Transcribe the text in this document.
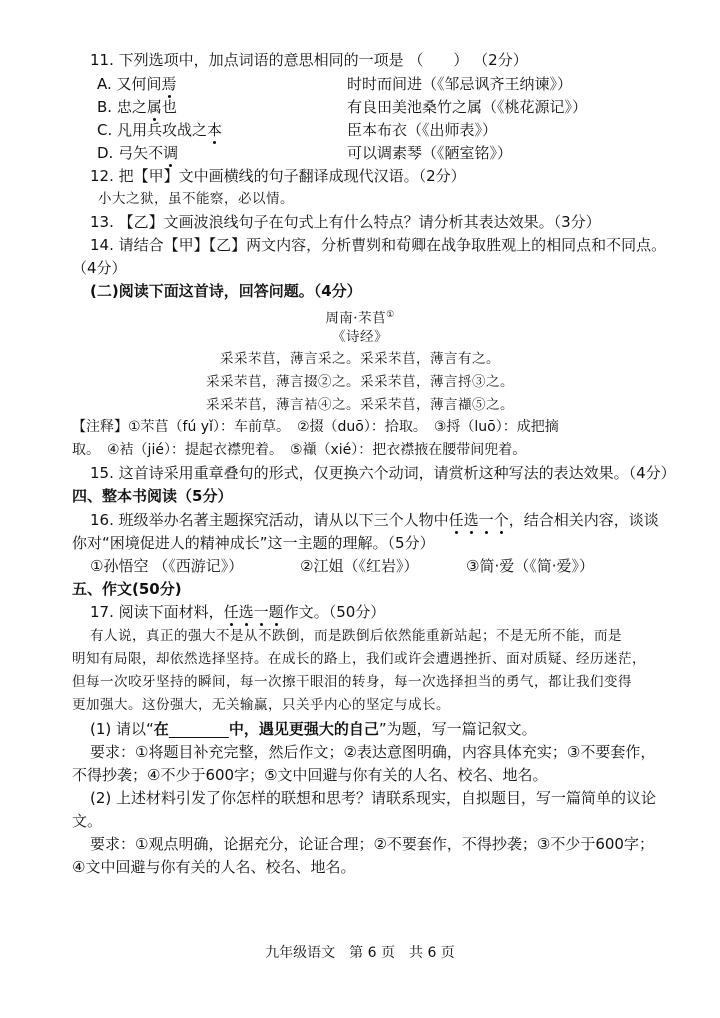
11. 下列选项中，加点词语的意思相同的一项是 （　　） （2分）
A. 又何间焉	时时而间进（《邹忌讽齐王纳谏》）
B. 忠之属也	有良田美池桑竹之属（《桃花源记》）
C. 凡用兵攻战之本	臣本布衣（《出师表》）
D. 弓矢不调	可以调素琴（《陋室铭》）
12. 把【甲】文中画横线的句子翻译成现代汉语。（2分）
小大之狱，虽不能察，必以情。
13. 【乙】文画波浪线句子在句式上有什么特点？请分析其表达效果。（3分）
14. 请结合【甲】【乙】两文内容，分析曹刿和荀卿在战争取胜观上的相同点和不同点。
（4分）
(二)阅读下面这首诗，回答问题。（4分）
周南·芣苢①
《诗经》
采采芣苢，薄言采之。采采芣苢，薄言有之。
采采芣苢，薄言掇②之。采采芣苢，薄言捋③之。
采采芣苢，薄言袺④之。采采芣苢，薄言襭⑤之。
【注释】①芣苢（fú yǐ）：车前草。　②掇（duō）：拾取。　③捋（luō）：成把摘
取。　④袺（jié）：提起衣襟兜着。　⑤襭（xié）：把衣襟掖在腰带间兜着。
15. 这首诗采用重章叠句的形式，仅更换六个动词，请赏析这种写法的表达效果。（4分）
四、整本书阅读（5分）
16. 班级举办名著主题探究活动，请从以下三个人物中任选一个，结合相关内容，谈谈
你对“困境促进人的精神成长”这一主题的理解。（5分）
①孙悟空 （《西游记》）	②江姐（《红岩》）	③简·爱（《简·爱》）
五、作文(50分)
17. 阅读下面材料，任选一题作文。（50分）
有人说，真正的强大不是从不跌倒，而是跌倒后依然能重新站起；不是无所不能，而是
明知有局限，却依然选择坚持。在成长的路上，我们或许会遭遇挫折、面对质疑、经历迷茫，
但每一次咬牙坚持的瞬间，每一次擦干眼泪的转身，每一次选择担当的勇气，都让我们变得
更加强大。这份强大，无关输赢，只关乎内心的坚定与成长。
(1) 请以“在　　　　	中，遇见更强大的自己”为题，写一篇记叙文。
要求：①将题目补充完整，然后作文；②表达意图明确，内容具体充实；③不要套作，
不得抄袭；④不少于600字；⑤文中回避与你有关的人名、校名、地名。
(2) 上述材料引发了你怎样的联想和思考？请联系现实，自拟题目，写一篇简单的议论
文。
要求：①观点明确，论据充分，论证合理；②不要套作，不得抄袭；③不少于600字；
④文中回避与你有关的人名、校名、地名。
九年级语文　第 6 页　共 6 页
